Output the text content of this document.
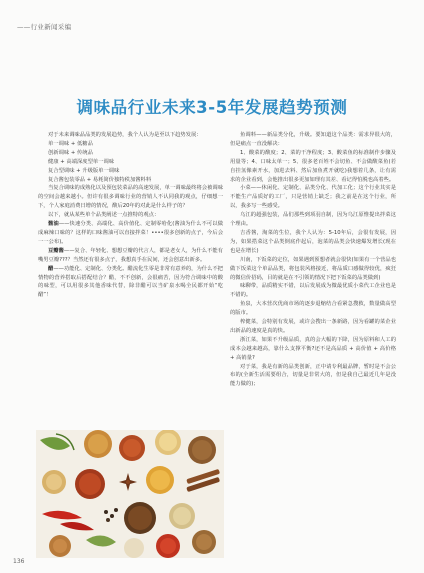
——行业新闻采编
调味品行业未来3-5年发展趋势预测

对于未来调味品品类的发展趋势，我个人认为是至以下趋势发展：

单一调味 + 低糖品
创新调味 + 传统品
健康 + 高端深度型单一调味
复合型调味 + 升级版单一调味
复合酱包装零品 + 易耗简价独特秩加酱料料

当复合调味的成熟化以及预包装菜品的高速发展，单一调味最终将会被调味的空间会越来越小。但许有很多调味行业的营销人不认同我的观点，仔细想一下，个人家庭消费日增的情况，酸后20年的对此是什么样子的？

以下，就从某些单个品类阐述一点推特的观点：

酱油——快速分类、高端化、高价值化、定制零哈化(酱油为什么不可以做成麻辣口味的？这样的口味酱油可以直接拌菜！••••很多创新的点子，今后会一一公布)。

豆瓣酱——复合、年轻化、想想豆瓣的代言人，都是老女人，为什么不能有嘴男豆瓣???？当然还有很多点子，我想真手在民间，还会创意出新多。

醋——功能化、定制化、分类化。醋流化生零是非常有意养的，为什么不把情物的营养搭取后搭配结合？醋，不不创新，会很痛苦，因为符合调味中的酸的味型，可以用很多其他香味代替，除非醋可以当矿泉水喝全民都开始“吃醋”！

鱼调料——新品类分化，升级。要知道这个品类：需求异很大的，但是痛点一直没解决：

1、酸菜的酸度；2、菜的干净程度；3、酸菜鱼的标准制作步骤及用量等；4、口味太单一；5、很多老百姓不会切鱼、不会做酸菜鱼(若自挂氢像素开水，加进去料、然后加鱼煮开就吃)我想着几条，让有需求的企业看到，会他推出很多更加如理有其差、看记得怕脱也高着些。

小菜——休闲化、定制化、品类分化、代加工化；这个行业其实是不能生产品质好的工厂，只是营销上缺乏；我之前是在这个行业，所以，我多写一些感受。

乌江的超强包装，品们那些到项羽自制，因为乌江原惟提出拌菜这个理由。

吉香酱，淘菜的生位，我个人认为：5-10年后，会很有发展，因为，如果搭菜这个品类倒底作起后，泡菜的品类会快速爆发增长(现在也是在增长)

川南，下饭菜的定位，如果遇到预想者就会很快(如果有一个营品也做下饭菜这个单品品类，将包装风格接近，将品质口感做得较优，疯狂的微信价招码，目的就是在不引领的情况下把下饭菜的品类做到)

味聊带，品质精实不错，以后发展成为微最优质小菜代工企业也是不错的。

鱼泉，大本营次优商市场的逐步退缩结合看紧急搜救，数量做高型的版市。

榨健菜，会特别有发展，或许会搜出一条新路，因为看罐的菜企业出新品的速度是真的快。

浙江菜，如果不升级品质，真的会大幅的下降，因为原料和人工的成本会越来越高，靠什么支撑平衡?还不是高品质 + 高价值 + 高价格 + 高销量?

对于菜，我是有新的品类创新，正中请专利最品牌，暂时是不会公布的(全新生活需要组合，切量是非常大的，但是我自己最近几年是没能力做的)；

136
